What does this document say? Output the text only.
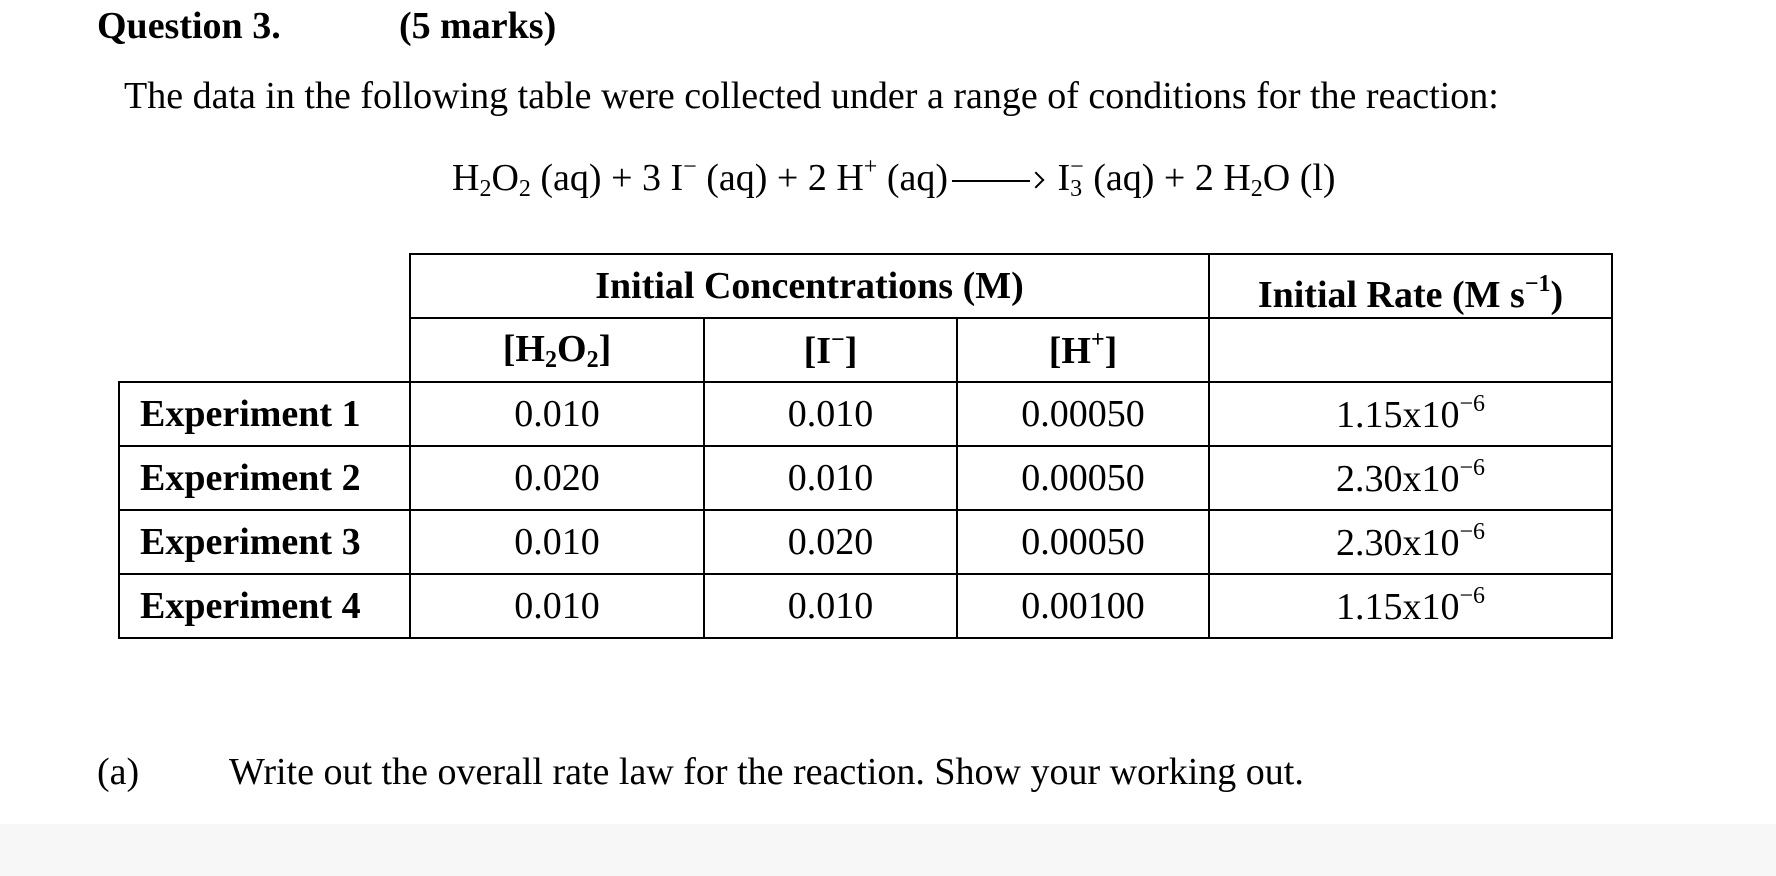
Question 3.	(5 marks)
The data in the following table were collected under a range of conditions for the reaction:
$H_2O_2$ (aq) + 3 I− (aq) + 2 H+ (aq)	$I_3^-$ (aq) + 2 $H_2O$ (l)
	Initial Concentrations (M)			Initial Rate (M $s^{-1}$)
	$[H_2O_2]$	[I−]	[H+]	
Experiment 1	0.010	0.010	0.00050	$1.15x10^{-6}$
Experiment 2	0.020	0.010	0.00050	$2.30x10^{-6}$
Experiment 3	0.010	0.020	0.00050	$2.30x10^{-6}$
Experiment 4	0.010	0.010	0.00100	$1.15x10^{-6}$
(a) Write out the overall rate law for the reaction. Show your working out.
